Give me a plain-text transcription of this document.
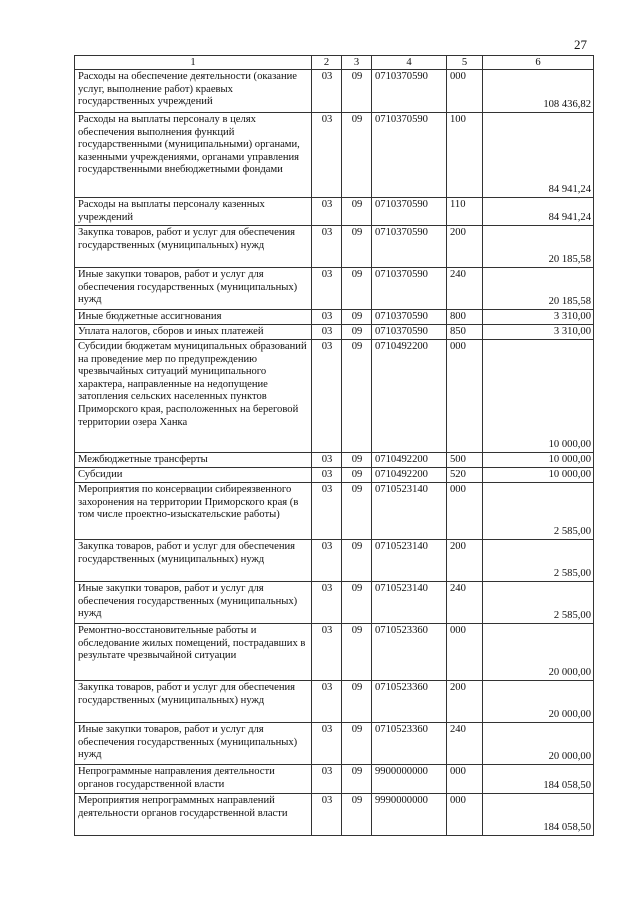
27
1	2	3	4	5	6
Расходы на обеспечение деятельности (оказание услуг, выполнение работ) краевых государственных учреждений	03	09	0710370590	000	108 436,82
Расходы на выплаты персоналу в целях обеспечения выполнения функций государственными (муниципальными) органами, казенными учреждениями, органами управления государственными внебюджетными фондами	03	09	0710370590	100	84 941,24
Расходы на выплаты персоналу казенных учреждений	03	09	0710370590	110	84 941,24
Закупка товаров, работ и услуг для обеспечения государственных (муниципальных) нужд	03	09	0710370590	200	20 185,58
Иные закупки товаров, работ и услуг для обеспечения государственных (муниципальных) нужд	03	09	0710370590	240	20 185,58
Иные бюджетные ассигнования	03	09	0710370590	800	3 310,00
Уплата налогов, сборов и иных платежей	03	09	0710370590	850	3 310,00
Субсидии бюджетам муниципальных образований на проведение мер по предупреждению чрезвычайных ситуаций муниципального характера, направленные на недопущение затопления сельских населенных пунктов Приморского края, расположенных на береговой территории озера Ханка	03	09	0710492200	000	10 000,00
Межбюджетные трансферты	03	09	0710492200	500	10 000,00
Субсидии	03	09	0710492200	520	10 000,00
Мероприятия по консервации сибиреязвенного захоронения на территории Приморского края (в том числе проектно-изыскательские работы)	03	09	0710523140	000	2 585,00
Закупка товаров, работ и услуг для обеспечения государственных (муниципальных) нужд	03	09	0710523140	200	2 585,00
Иные закупки товаров, работ и услуг для обеспечения государственных (муниципальных) нужд	03	09	0710523140	240	2 585,00
Ремонтно-восстановительные работы и обследование жилых помещений, пострадавших в результате чрезвычайной ситуации	03	09	0710523360	000	20 000,00
Закупка товаров, работ и услуг для обеспечения государственных (муниципальных) нужд	03	09	0710523360	200	20 000,00
Иные закупки товаров, работ и услуг для обеспечения государственных (муниципальных) нужд	03	09	0710523360	240	20 000,00
Непрограммные направления деятельности органов государственной власти	03	09	9900000000	000	184 058,50
Мероприятия непрограммных направлений деятельности органов государственной власти	03	09	9990000000	000	184 058,50
